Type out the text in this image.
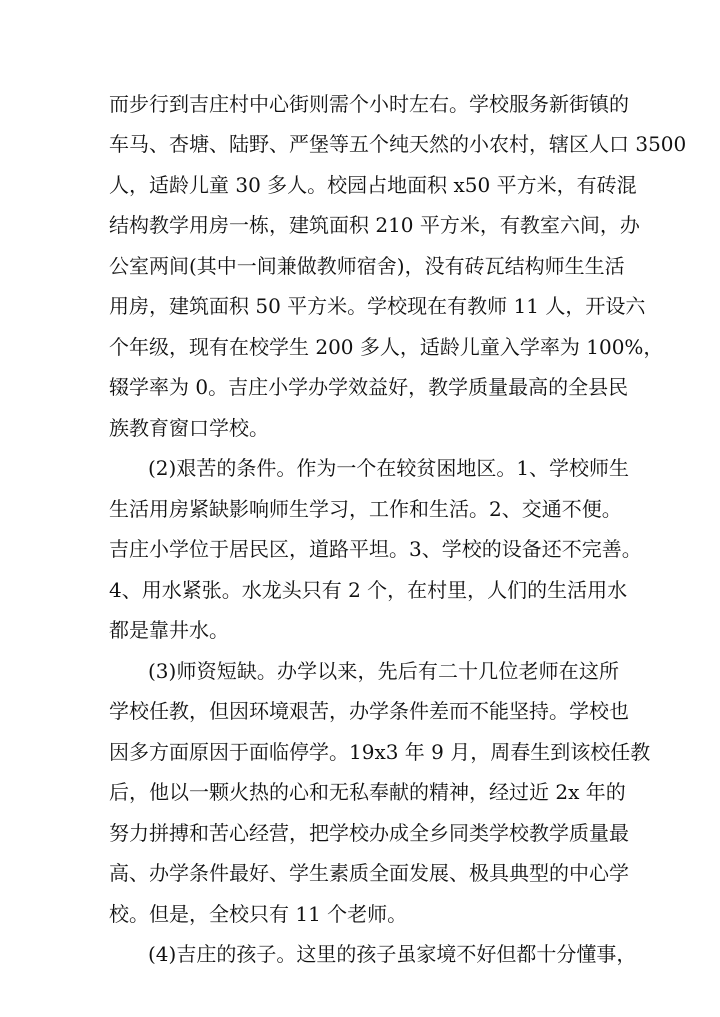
而步行到吉庄村中心街则需个小时左右。学校服务新街镇的
车马、杏塘、陆野、严堡等五个纯天然的小农村，辖区人口 3500
人，适龄儿童 30 多人。校园占地面积 x50 平方米，有砖混
结构教学用房一栋，建筑面积 210 平方米，有教室六间，办
公室两间(其中一间兼做教师宿舍)，没有砖瓦结构师生生活
用房，建筑面积 50 平方米。学校现在有教师 11 人，开设六
个年级，现有在校学生 200 多人，适龄儿童入学率为 100%，
辍学率为 0。吉庄小学办学效益好，教学质量最高的全县民
族教育窗口学校。
(2)艰苦的条件。作为一个在较贫困地区。1、学校师生
生活用房紧缺影响师生学习，工作和生活。2、交通不便。
吉庄小学位于居民区，道路平坦。3、学校的设备还不完善。
4、用水紧张。水龙头只有 2 个，在村里，人们的生活用水
都是靠井水。
(3)师资短缺。办学以来，先后有二十几位老师在这所
学校任教，但因环境艰苦，办学条件差而不能坚持。学校也
因多方面原因于面临停学。19x3 年 9 月，周春生到该校任教
后，他以一颗火热的心和无私奉献的精神，经过近 2x 年的
努力拼搏和苦心经营，把学校办成全乡同类学校教学质量最
高、办学条件最好、学生素质全面发展、极具典型的中心学
校。但是，全校只有 11 个老师。
(4)吉庄的孩子。这里的孩子虽家境不好但都十分懂事，
